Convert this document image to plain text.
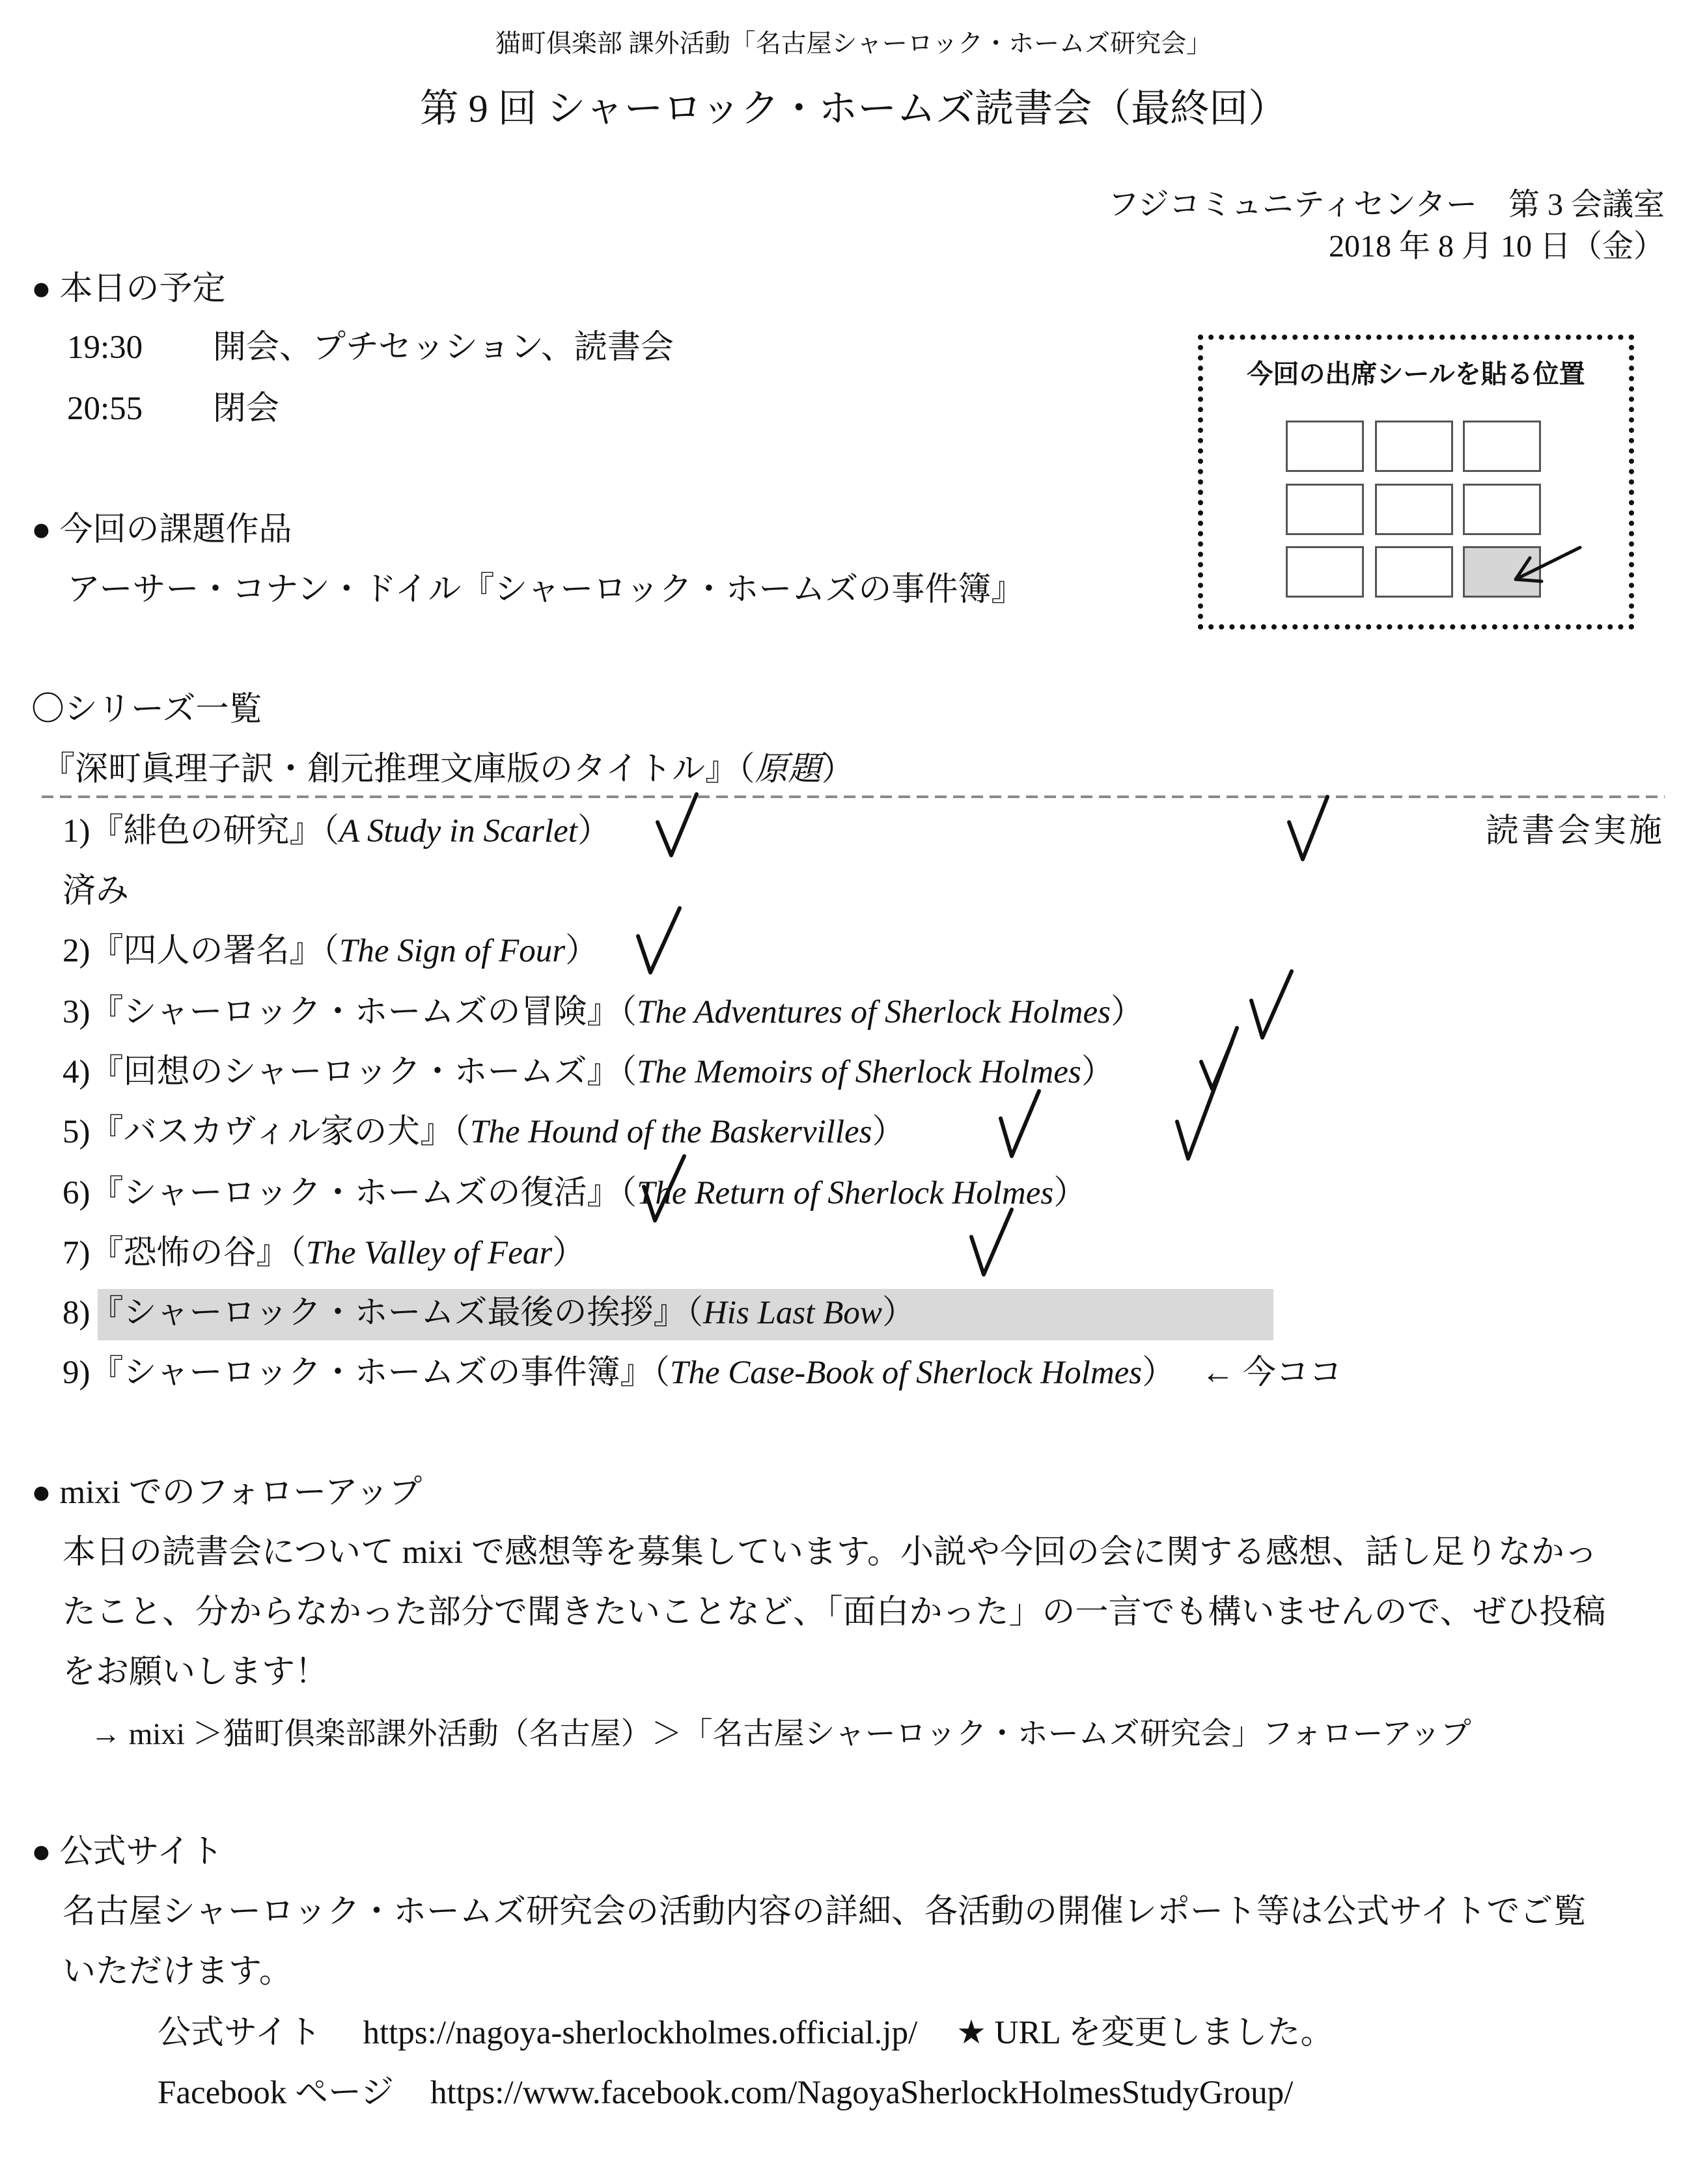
猫町倶楽部 課外活動「名古屋シャーロック・ホームズ研究会」
第 9 回 シャーロック・ホームズ読書会（最終回）
フジコミュニティセンター　第 3 会議室
2018 年 8 月 10 日（金）
● 本日の予定
19:30 開会、プチセッション、読書会
20:55 閉会
今回の出席シールを貼る位置
● 今回の課題作品
アーサー・コナン・ドイル『シャーロック・ホームズの事件簿』
〇シリーズ一覧
『深町眞理子訳・創元推理文庫版のタイトル』（原題）
1)『緋色の研究』（A Study in Scarlet）	読書会実施
済み
2)『四人の署名』（The Sign of Four）
3)『シャーロック・ホームズの冒険』（The Adventures of Sherlock Holmes）
4)『回想のシャーロック・ホームズ』（The Memoirs of Sherlock Holmes）
5)『バスカヴィル家の犬』（The Hound of the Baskervilles）
6)『シャーロック・ホームズの復活』（The Return of Sherlock Holmes）
7)『恐怖の谷』（The Valley of Fear）
8)『シャーロック・ホームズ最後の挨拶』（His Last Bow）
9)『シャーロック・ホームズの事件簿』（The Case-Book of Sherlock Holmes） ← 今ココ
● mixi でのフォローアップ
本日の読書会について mixi で感想等を募集しています。小説や今回の会に関する感想、話し足りなかっ
たこと、分からなかった部分で聞きたいことなど、「面白かった」の一言でも構いませんので、ぜひ投稿
をお願いします！
→ mixi ＞猫町倶楽部課外活動（名古屋）＞「名古屋シャーロック・ホームズ研究会」フォローアップ
● 公式サイト
名古屋シャーロック・ホームズ研究会の活動内容の詳細、各活動の開催レポート等は公式サイトでご覧
いただけます。
公式サイト https://nagoya-sherlockholmes.official.jp/ ★ URL を変更しました。
Facebook ページ https://www.facebook.com/NagoyaSherlockHolmesStudyGroup/
